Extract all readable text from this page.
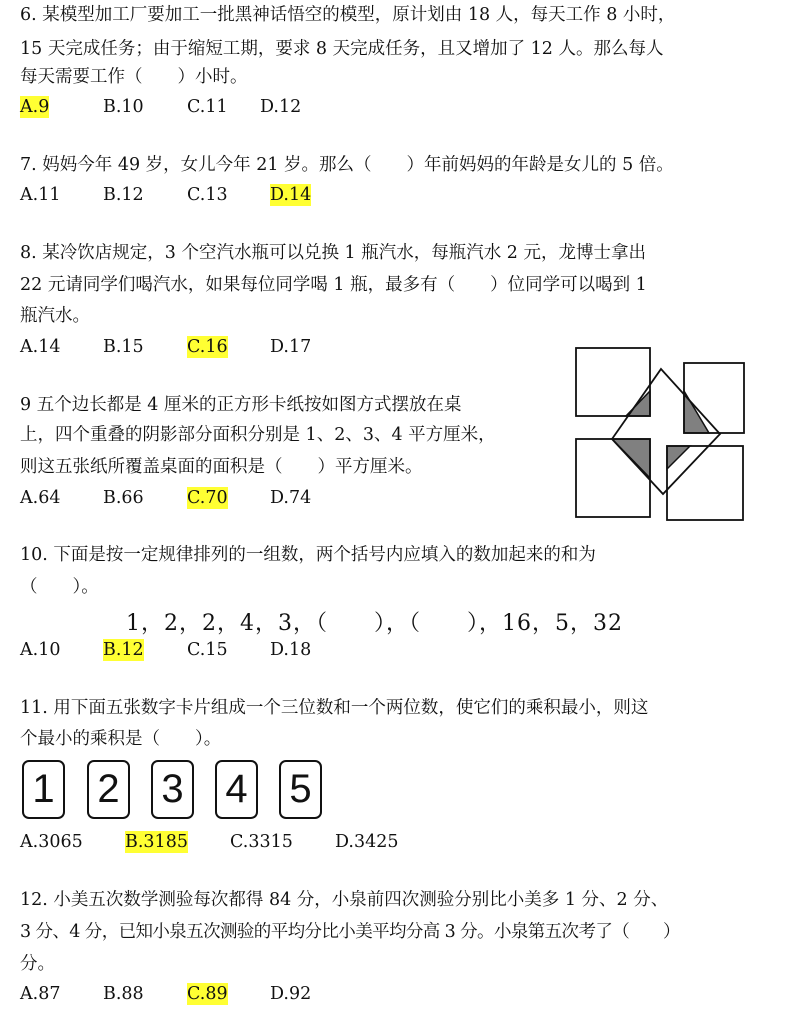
6. 某模型加工厂要加工一批黑神话悟空的模型，原计划由 18 人，每天工作 8 小时，
15 天完成任务；由于缩短工期，要求 8 天完成任务，且又增加了 12 人。那么每人
每天需要工作（　　）小时。
A.9	B.10 C.11 D.12
7. 妈妈今年 49 岁，女儿今年 21 岁。那么（　　）年前妈妈的年龄是女儿的 5 倍。
A.11 B.12 C.13 D.14
8. 某冷饮店规定，3 个空汽水瓶可以兑换 1 瓶汽水，每瓶汽水 2 元，龙博士拿出
22 元请同学们喝汽水，如果每位同学喝 1 瓶，最多有（　　）位同学可以喝到 1
瓶汽水。
A.14 B.15 C.16 D.17
9 五个边长都是 4 厘米的正方形卡纸按如图方式摆放在桌
上，四个重叠的阴影部分面积分别是 1、2、3、4 平方厘米，
则这五张纸所覆盖桌面的面积是（　　）平方厘米。
A.64 B.66 C.70 D.74
10. 下面是按一定规律排列的一组数，两个括号内应填入的数加起来的和为
（　　）。
1，2，2，4，3，（　　），（　　），16，5，32
A.10 B.12 C.15 D.18
11. 用下面五张数字卡片组成一个三位数和一个两位数，使它们的乘积最小，则这
个最小的乘积是（　　）。
1 2 3 4 5
A.3065 B.3185 C.3315 D.3425
12. 小美五次数学测验每次都得 84 分，小泉前四次测验分别比小美多 1 分、2 分、
3 分、4 分，已知小泉五次测验的平均分比小美平均分高 3 分。小泉第五次考了（　　）
分。
A.87 B.88 C.89 D.92
